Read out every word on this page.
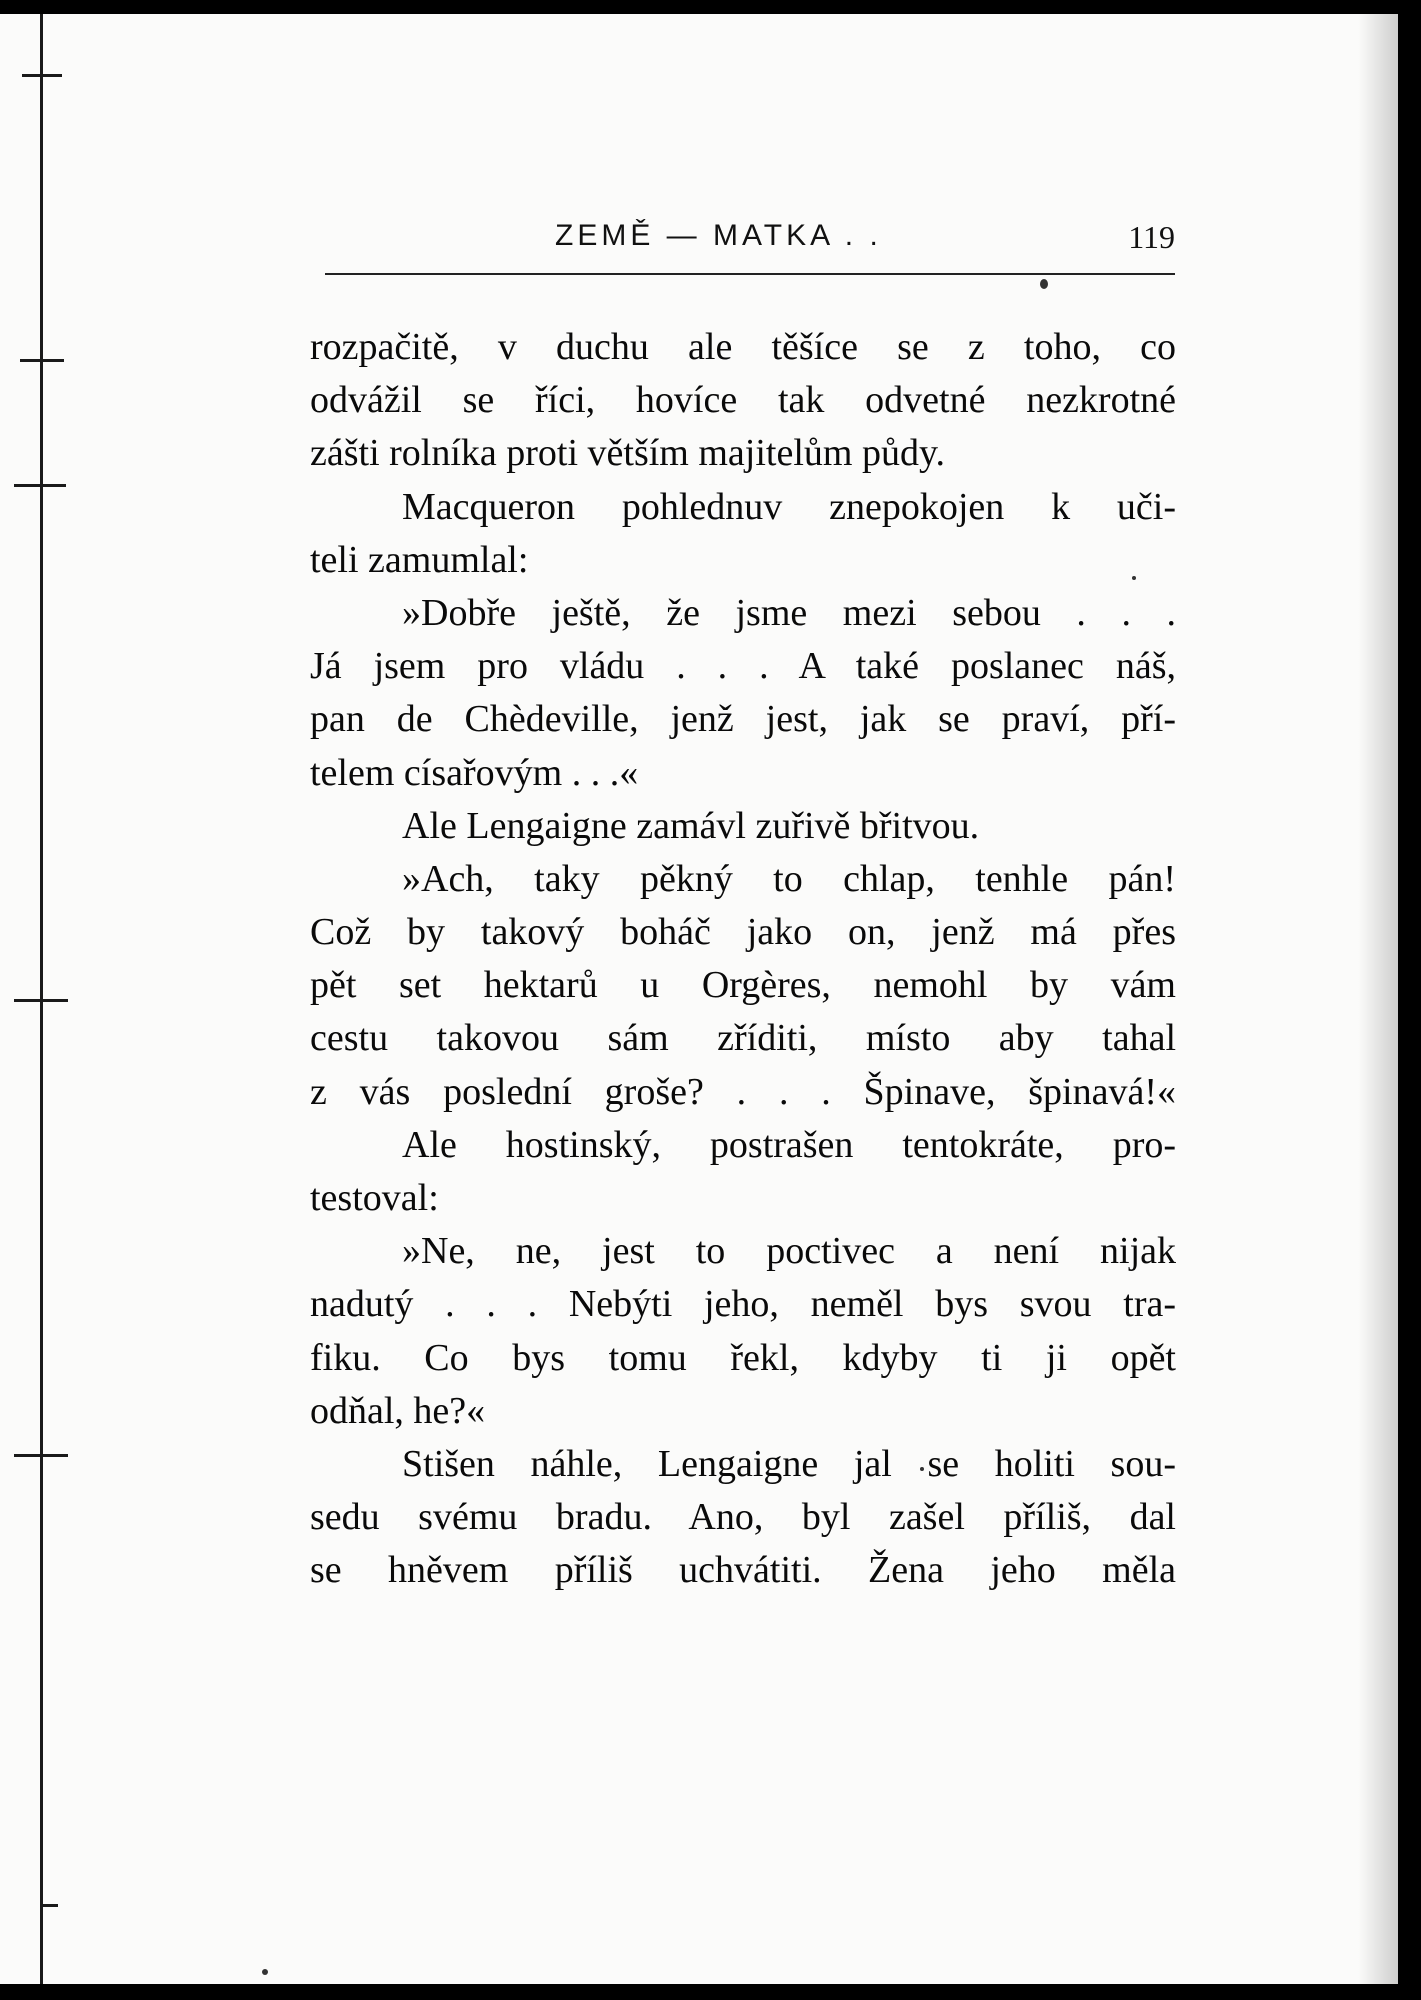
ZEMĚ — MATKA . .	119
rozpačitě, v duchu ale těšíce se z toho, co
odvážil se říci, hovíce tak odvetné nezkrotné
zášti rolníka proti větším majitelům půdy.
Macqueron pohlednuv znepokojen k uči-
teli zamumlal:
»Dobře ještě, že jsme mezi sebou . . .
Já jsem pro vládu . . . A také poslanec náš,
pan de Chèdeville, jenž jest, jak se praví, pří-
telem císařovým . . .«
Ale Lengaigne zamávl zuřivě břitvou.
»Ach, taky pěkný to chlap, tenhle pán!
Což by takový boháč jako on, jenž má přes
pět set hektarů u Orgères, nemohl by vám
cestu takovou sám zříditi, místo aby tahal
z vás poslední groše? . . . Špinave, špinavá!«
Ale hostinský, postrašen tentokráte, pro-
testoval:
»Ne, ne, jest to poctivec a není nijak
nadutý . . . Nebýti jeho, neměl bys svou tra-
fiku. Co bys tomu řekl, kdyby ti ji opět
odňal, he?«
Stišen náhle, Lengaigne jal se holiti sou-
sedu svému bradu. Ano, byl zašel příliš, dal
se hněvem příliš uchvátiti. Žena jeho měla
